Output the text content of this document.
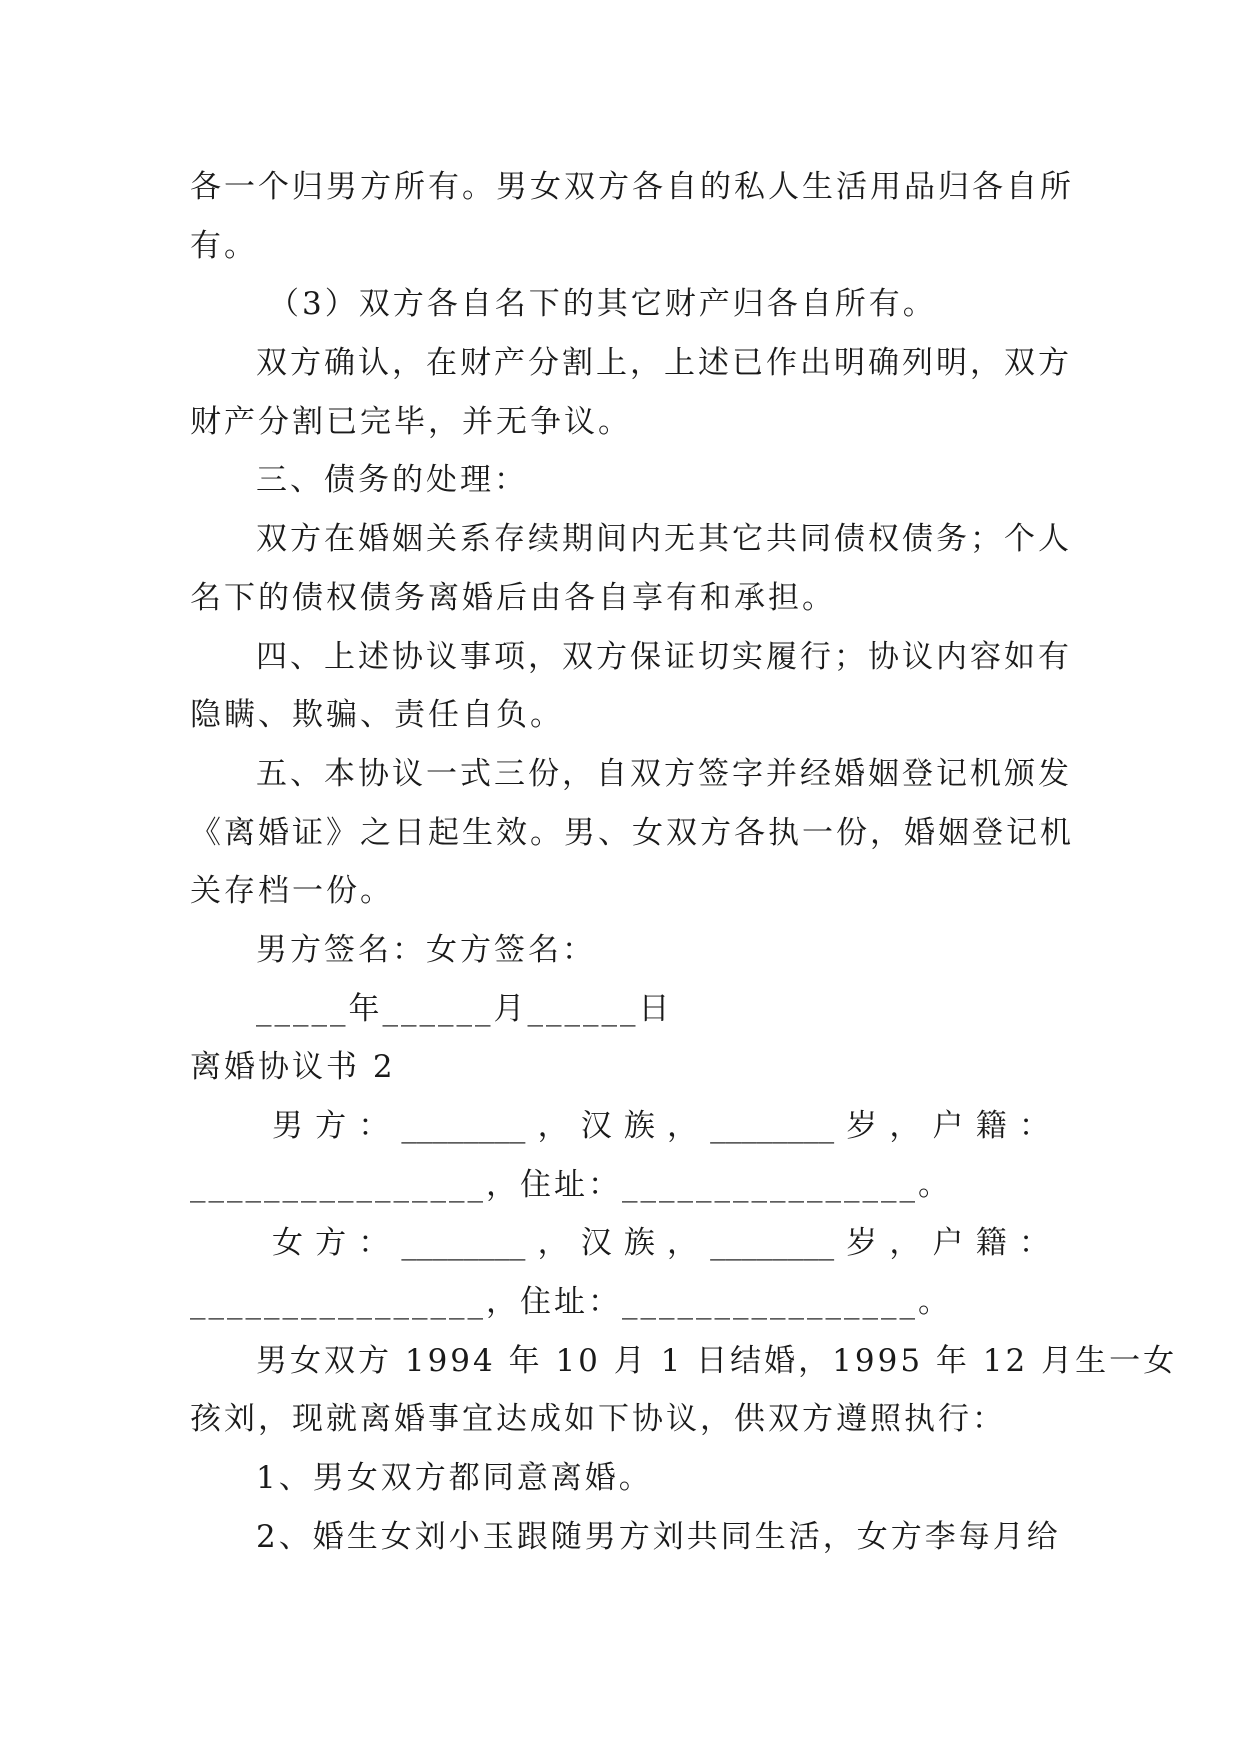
各一个归男方所有。男女双方各自的私人生活用品归各自所
有。
（3）双方各自名下的其它财产归各自所有。
双方确认，在财产分割上，上述已作出明确列明，双方
财产分割已完毕，并无争议。
三、债务的处理：
双方在婚姻关系存续期间内无其它共同债权债务；个人
名下的债权债务离婚后由各自享有和承担。
四、上述协议事项，双方保证切实履行；协议内容如有
隐瞒、欺骗、责任自负。
五、本协议一式三份，自双方签字并经婚姻登记机颁发
《离婚证》之日起生效。男、女双方各执一份，婚姻登记机
关存档一份。
男方签名：女方签名：
_____年______月______日
离婚协议书 2
男 方 ： ________ ， 汉 族 ， ________ 岁 ， 户 籍 ：
________________，住址：________________。
女 方 ： ________ ， 汉 族 ， ________ 岁 ， 户 籍 ：
________________，住址：________________。
男女双方 1994 年 10 月 1 日结婚，1995 年 12 月生一女
孩刘，现就离婚事宜达成如下协议，供双方遵照执行：
1、男女双方都同意离婚。
2、婚生女刘小玉跟随男方刘共同生活，女方李每月给
